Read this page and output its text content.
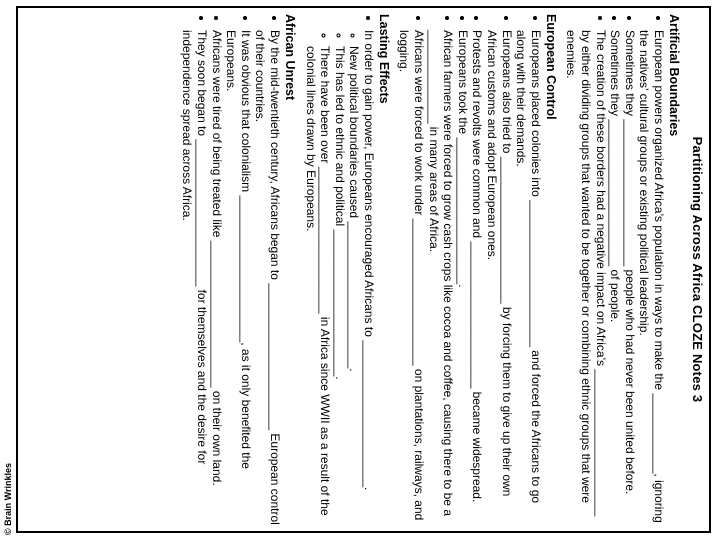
© Brain Wrinkles
Partitioning Across Africa CLOZE Notes 3
Artificial Boundaries
• European powers organized Africa’s population in ways to make the ____________, ignoring the natives’ cultural groups or existing political leadership.
• Sometimes they ______________________ people who had never been united before.
• Sometimes they ______________________ of people.
• The creation of these borders had a negative impact on Africa’s ______________________ by either dividing groups that wanted to be together or combining ethnic groups that were enemies.
European Control
• Europeans placed colonies into ______________________ and forced the Africans to go along with their demands.
• Europeans also tried to ______________________ by forcing them to give up their own African customs and adopt European ones.
• Protests and revolts were common and ______________________ became widespread.
• Europeans took the ______________________.
• African farmers were forced to grow cash crops like cocoa and coffee, causing there to be a ______________ in many areas of Africa.
• Africans were forced to work under ______________________ on plantations, railways, and logging.
Lasting Effects
• In order to gain power, Europeans encouraged Africans to ______________________.
◦ New political boundaries caused ______________________.
◦ This has led to ethnic and political ______________________.
◦ There have been over ______________________ in Africa since WWII as a result of the colonial lines drawn by Europeans.
African Unrest
• By the mid-twentieth century, Africans began to ______________________ European control of their countries.
• It was obvious that colonialism ______________________, as it only benefited the Europeans.
• Africans were tired of being treated like ______________________ on their own land.
• They soon began to ______________________ for themselves and the desire for independence spread across Africa.
